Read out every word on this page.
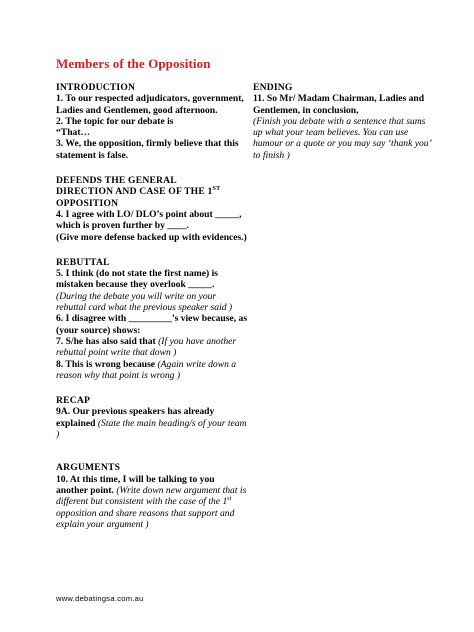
Members of the Opposition
INTRODUCTION
1. To our respected adjudicators, government, Ladies and Gentlemen, good afternoon.
2. The topic for our debate is
“That…
3. We, the opposition, firmly believe that this statement is false.
DEFENDS THE GENERAL
DIRECTION AND CASE OF THE 1ST
OPPOSITION
4. I agree with LO/ DLO’s point about _____, which is proven further by ____.
(Give more defense backed up with evidences.)
REBUTTAL
5. I think (do not state the first name) is mistaken because they overlook _____.
(During the debate you will write on your rebuttal card what the previous speaker said )
6. I disagree with _________’s view because, as (your source) shows:
7. S/he has also said that (If you have another rebuttal point write that down )
8. This is wrong because (Again write down a reason why that point is wrong )
RECAP
9A. Our previous speakers has already explained (State the main heading/s of your team )
ARGUMENTS
10. At this time, I will be talking to you another point. (Write down new argument that is different but consistent with the case of the 1st opposition and share reasons that support and explain your argument )
ENDING
11. So Mr/ Madam Chairman, Ladies and Gentlemen, in conclusion,
(Finish you debate with a sentence that sums up what your team believes. You can use humour or a quote or you may say ‘thank you’ to finish )
www.debatingsa.com.au
